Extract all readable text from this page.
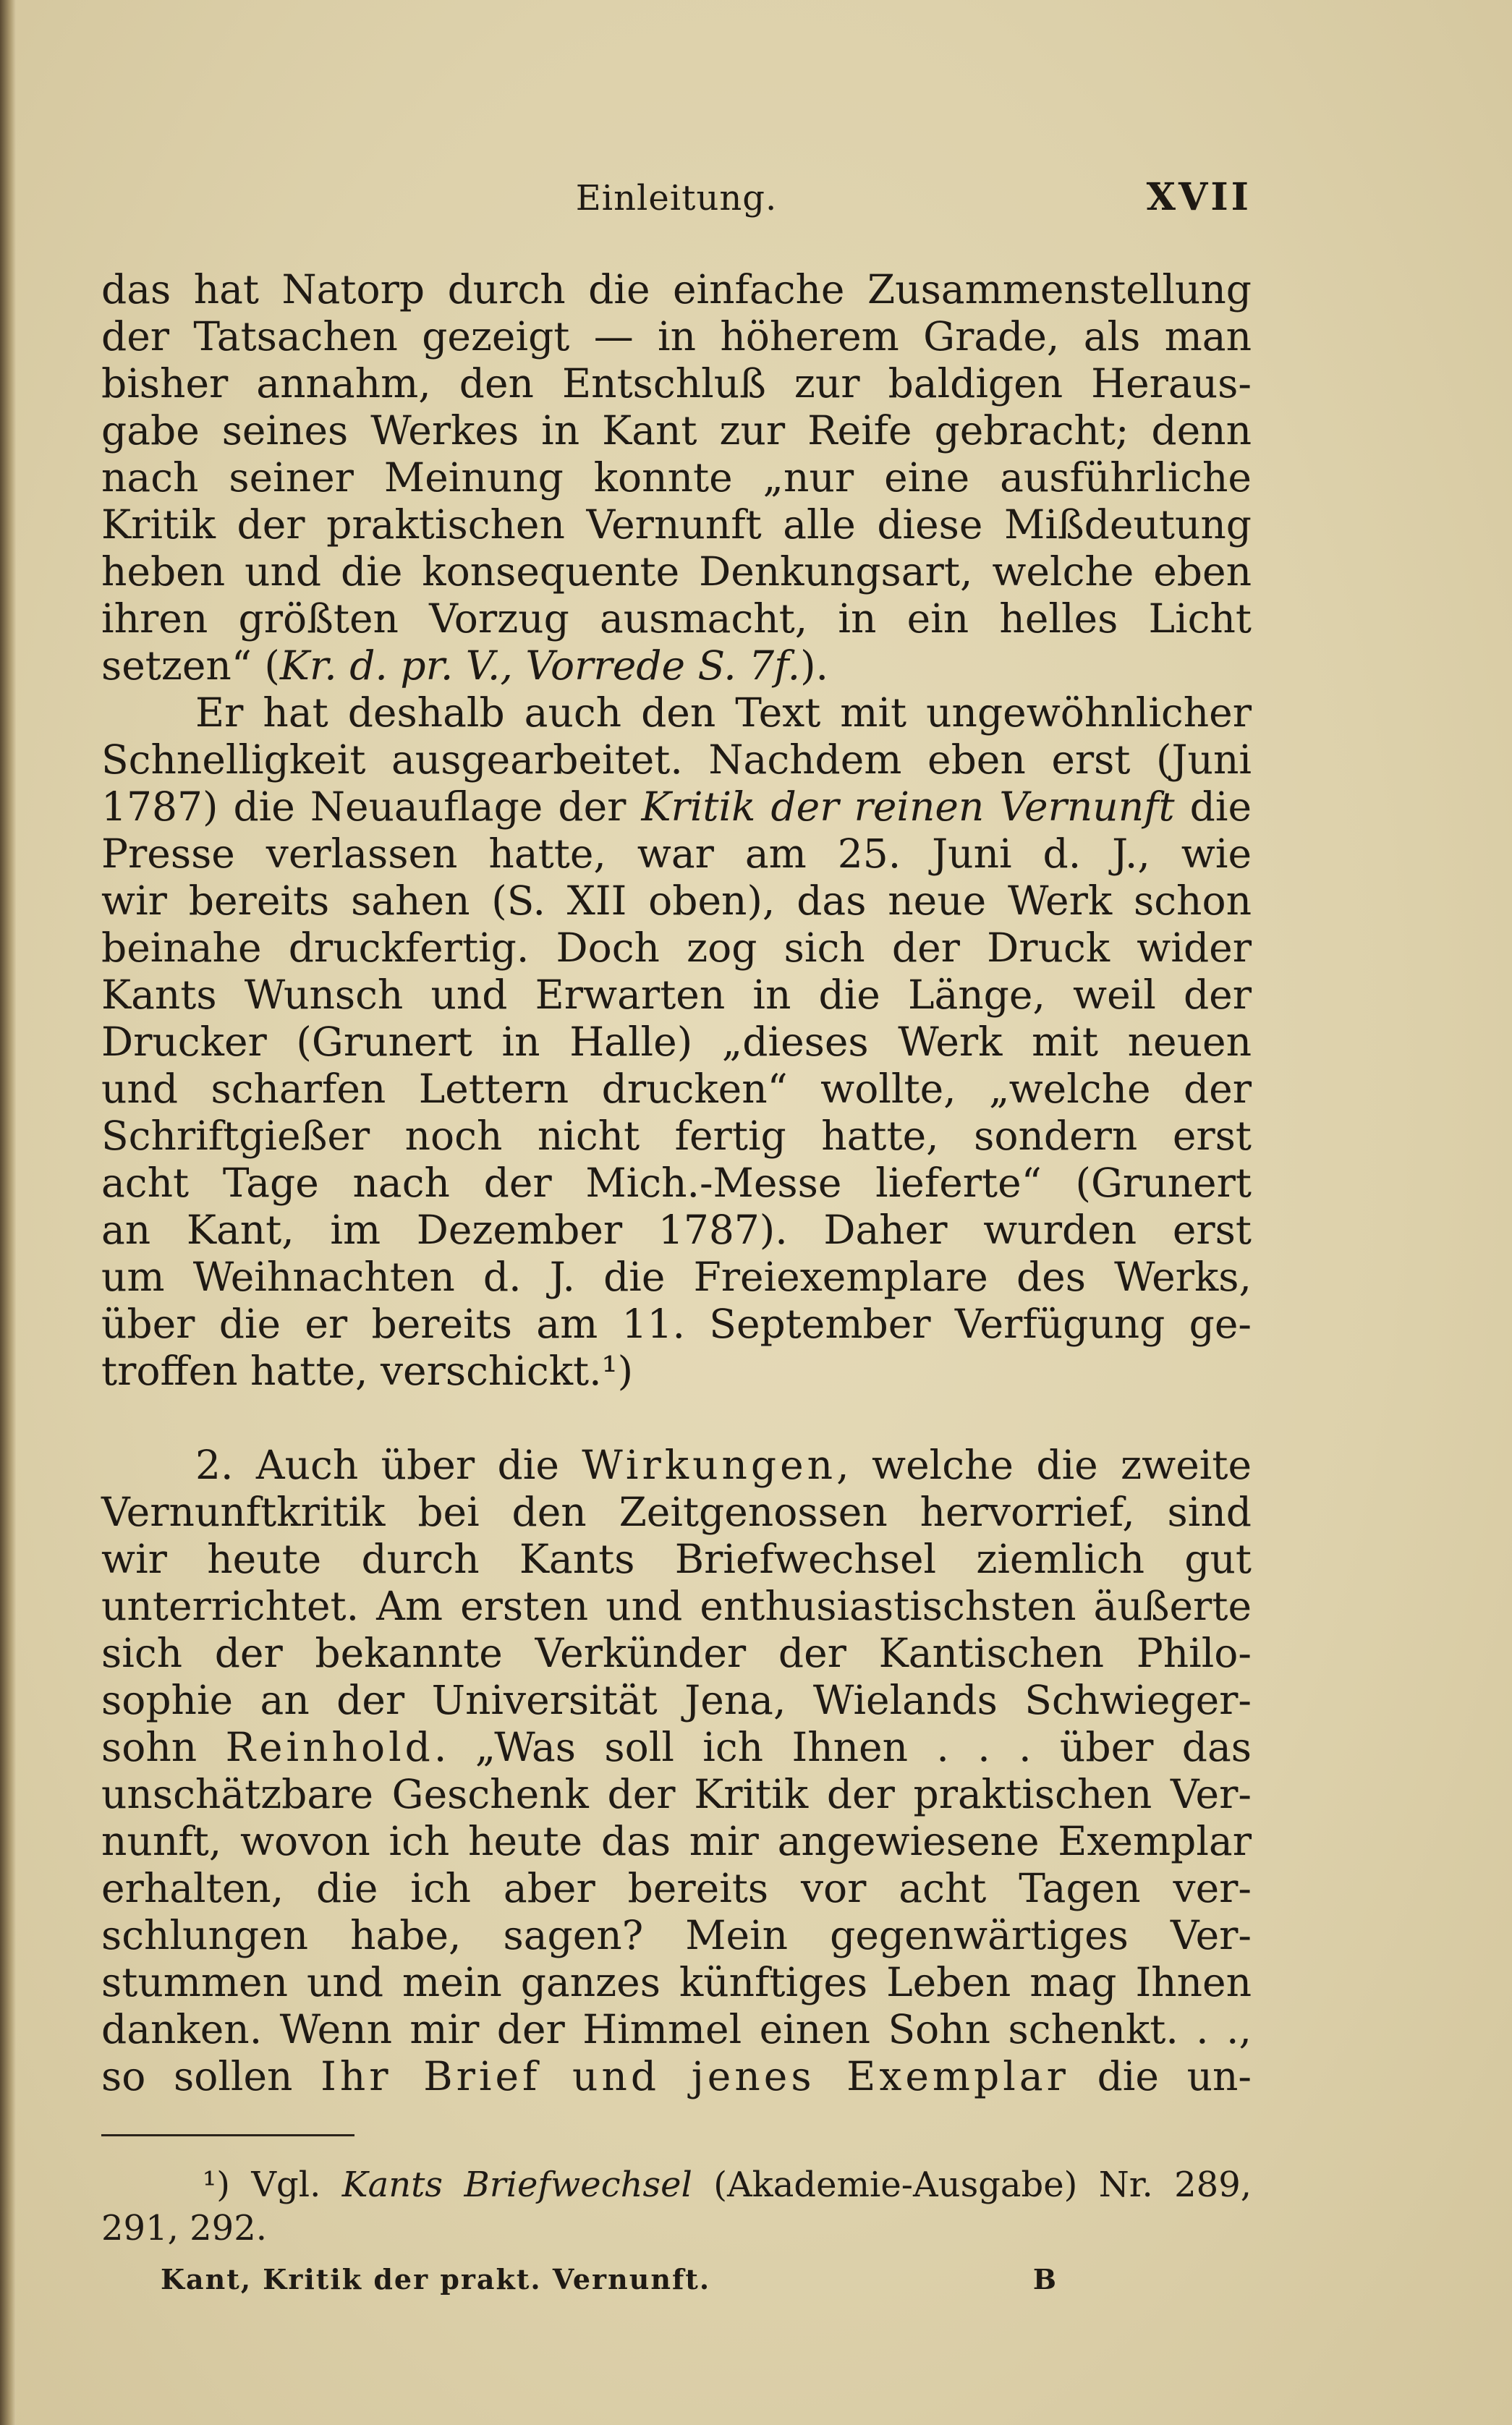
Einleitung.	XVII
das hat Natorp durch die einfache Zusammenstellung
der Tatsachen gezeigt — in höherem Grade, als man
bisher annahm, den Entschluß zur baldigen Heraus-
gabe seines Werkes in Kant zur Reife gebracht; denn
nach seiner Meinung konnte „nur eine ausführliche
Kritik der praktischen Vernunft alle diese Mißdeutung
heben und die konsequente Denkungsart, welche eben
ihren größten Vorzug ausmacht, in ein helles Licht
setzen“ (Kr. d. pr. V., Vorrede S. 7f.).
Er hat deshalb auch den Text mit ungewöhnlicher
Schnelligkeit ausgearbeitet. Nachdem eben erst (Juni
1787) die Neuauflage der Kritik der reinen Vernunft die
Presse verlassen hatte, war am 25. Juni d. J., wie
wir bereits sahen (S. XII oben), das neue Werk schon
beinahe druckfertig. Doch zog sich der Druck wider
Kants Wunsch und Erwarten in die Länge, weil der
Drucker (Grunert in Halle) „dieses Werk mit neuen
und scharfen Lettern drucken“ wollte, „welche der
Schriftgießer noch nicht fertig hatte, sondern erst
acht Tage nach der Mich.-Messe lieferte“ (Grunert
an Kant, im Dezember 1787). Daher wurden erst
um Weihnachten d. J. die Freiexemplare des Werks,
über die er bereits am 11. September Verfügung ge-
troffen hatte, verschickt.¹)
2. Auch über die Wirkungen, welche die zweite
Vernunftkritik bei den Zeitgenossen hervorrief, sind
wir heute durch Kants Briefwechsel ziemlich gut
unterrichtet. Am ersten und enthusiastischsten äußerte
sich der bekannte Verkünder der Kantischen Philo-
sophie an der Universität Jena, Wielands Schwieger-
sohn Reinhold. „Was soll ich Ihnen . . . über das
unschätzbare Geschenk der Kritik der praktischen Ver-
nunft, wovon ich heute das mir angewiesene Exemplar
erhalten, die ich aber bereits vor acht Tagen ver-
schlungen habe, sagen? Mein gegenwärtiges Ver-
stummen und mein ganzes künftiges Leben mag Ihnen
danken. Wenn mir der Himmel einen Sohn schenkt. . .,
so sollen Ihr Brief und jenes Exemplar die un-
¹) Vgl. Kants Briefwechsel (Akademie-Ausgabe) Nr. 289,
291, 292.
Kant, Kritik der prakt. Vernunft.	B
